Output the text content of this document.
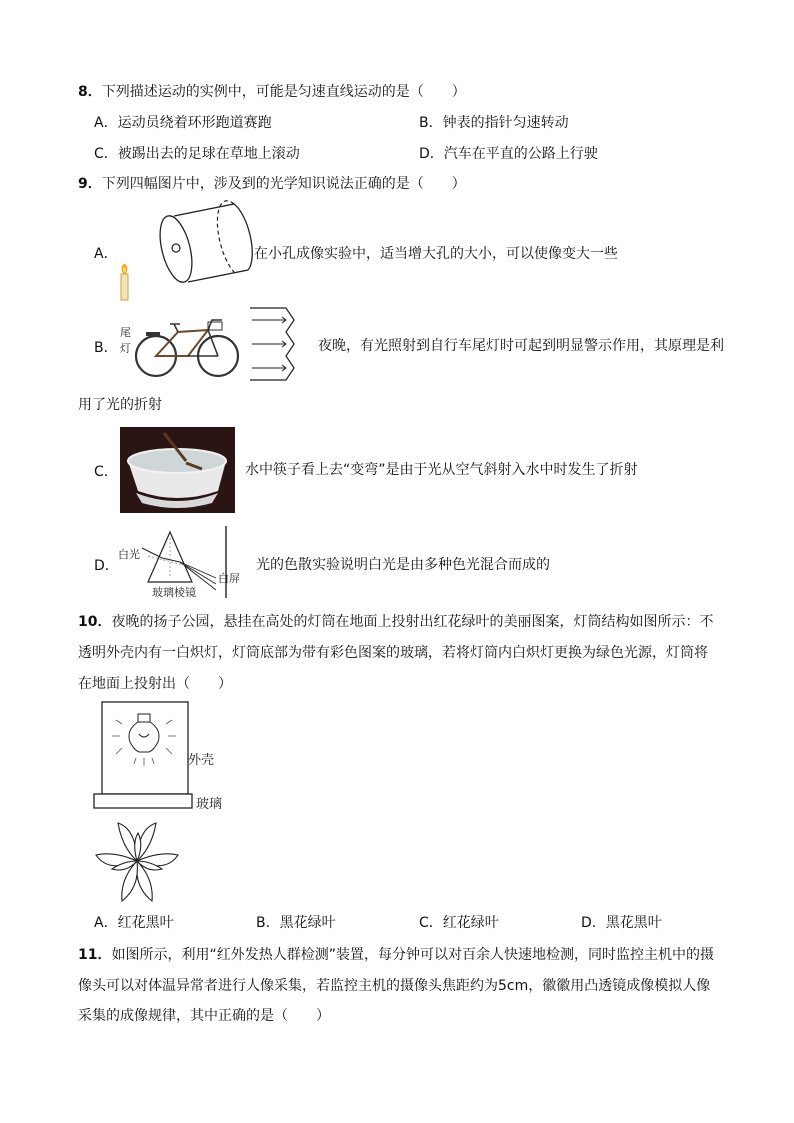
8．下列描述运动的实例中，可能是匀速直线运动的是（　　）
A．运动员绕着环形跑道赛跑	B．钟表的指针匀速转动
C．被踢出去的足球在草地上滚动	D．汽车在平直的公路上行驶
9．下列四幅图片中，涉及到的光学知识说法正确的是（　　）
A．	在小孔成像实验中，适当增大孔的大小，可以使像变大一些
B．
尾
灯	夜晚，有光照射到自行车尾灯时可起到明显警示作用，其原理是利
用了光的折射
C．	水中筷子看上去“变弯”是由于光从空气斜射入水中时发生了折射
D．
白光
白屏
玻璃棱镜
光的色散实验说明白光是由多种色光混合而成的
10．夜晚的扬子公园，悬挂在高处的灯筒在地面上投射出红花绿叶的美丽图案，灯筒结构如图所示：不
透明外壳内有一白炽灯，灯筒底部为带有彩色图案的玻璃，若将灯筒内白炽灯更换为绿色光源，灯筒将
在地面上投射出（　　）
外壳
玻璃
A．红花黑叶	B．黑花绿叶	C．红花绿叶	D．黑花黑叶
11．如图所示，利用“红外发热人群检测”装置，每分钟可以对百余人快速地检测，同时监控主机中的摄
像头可以对体温异常者进行人像采集，若监控主机的摄像头焦距约为5cm，徽徽用凸透镜成像模拟人像
采集的成像规律，其中正确的是（　　）
